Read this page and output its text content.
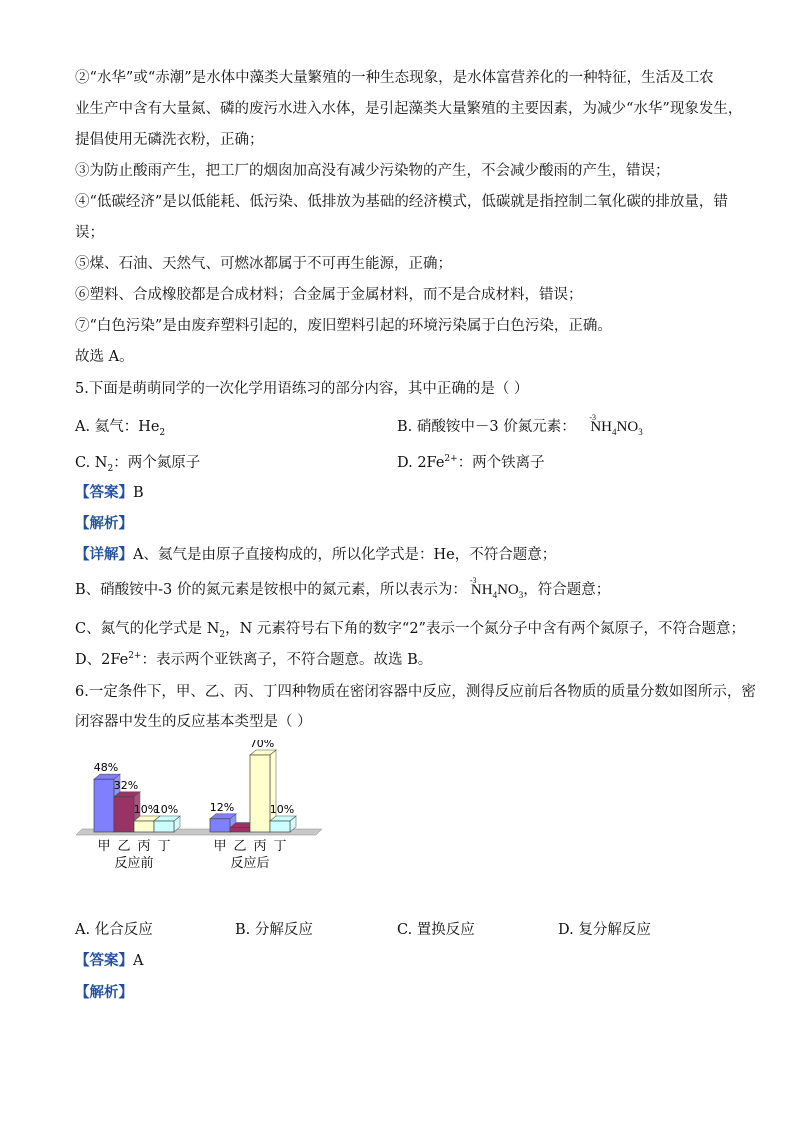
②“水华”或“赤潮”是水体中藻类大量繁殖的一种生态现象，是水体富营养化的一种特征，生活及工农
业生产中含有大量氮、磷的废污水进入水体，是引起藻类大量繁殖的主要因素，为减少“水华”现象发生，
提倡使用无磷洗衣粉，正确；
③为防止酸雨产生，把工厂的烟囱加高没有减少污染物的产生，不会减少酸雨的产生，错误；
④“低碳经济”是以低能耗、低污染、低排放为基础的经济模式，低碳就是指控制二氧化碳的排放量，错
误；
⑤煤、石油、天然气、可燃冰都属于不可再生能源，正确；
⑥塑料、合成橡胶都是合成材料；合金属于金属材料，而不是合成材料，错误；
⑦“白色污染”是由废弃塑料引起的，废旧塑料引起的环境污染属于白色污染，正确。
故选 A。
5.下面是萌萌同学的一次化学用语练习的部分内容，其中正确的是（ ）
A. 氦气：$He_2$	B. 硝酸铵中－3 价氮元素：
-3
$NH_4NO_3$
C. $N_2$：两个氮原子	D. $2Fe^{2+}$：两个铁离子
【答案】B
【解析】
【详解】A、氦气是由原子直接构成的，所以化学式是：He，不符合题意；
B、硝酸铵中-3 价的氮元素是铵根中的氮元素，所以表示为：
-3
$NH_4NO_3$，符合题意；
C、氮气的化学式是 $N_2$，N 元素符号右下角的数字“2”表示一个氮分子中含有两个氮原子，不符合题意；
D、$2Fe^{2+}$：表示两个亚铁离子，不符合题意。故选 B。
6.一定条件下，甲、乙、丙、丁四种物质在密闭容器中反应，测得反应前后各物质的质量分数如图所示，密
闭容器中发生的反应基本类型是（ ）
48%
甲
32%
乙
10%
丙
10%
丁
反应前
12%
甲 乙
70%
丙
10%
丁
反应后
A. 化合反应	B. 分解反应	C. 置换反应	D. 复分解反应
【答案】A
【解析】
